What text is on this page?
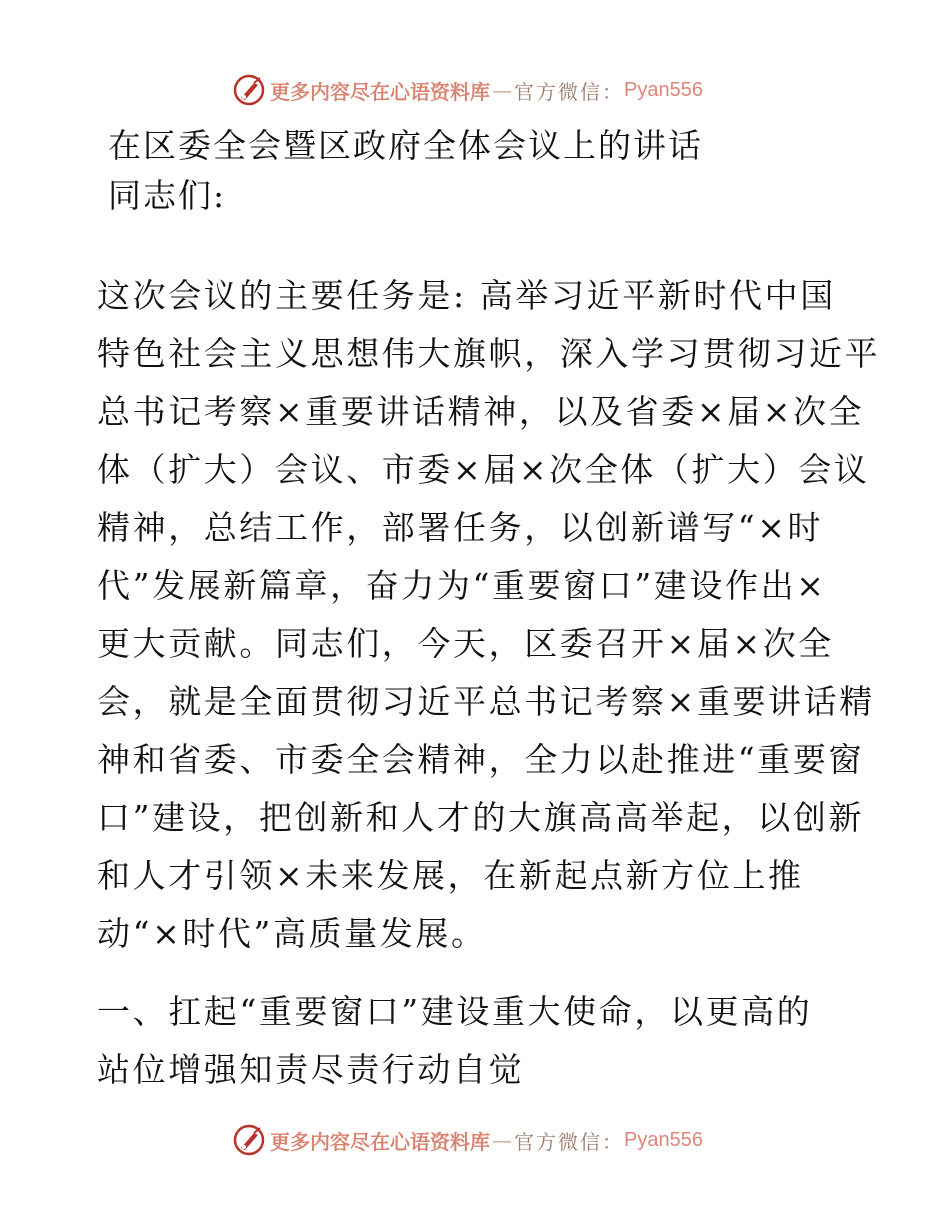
更多内容尽在心语资料库 — 官方微信： Pyan556
在区委全会暨区政府全体会议上的讲话
同志们:
这次会议的主要任务是: 高举习近平新时代中国
特色社会主义思想伟大旗帜，深入学习贯彻习近平
总书记考察×重要讲话精神，以及省委×届×次全
体（扩大）会议、市委×届×次全体（扩大）会议
精神，总结工作，部署任务，以创新谱写“×时
代”发展新篇章，奋力为“重要窗口”建设作出×
更大贡献。同志们，今天，区委召开×届×次全
会，就是全面贯彻习近平总书记考察×重要讲话精
神和省委、市委全会精神，全力以赴推进“重要窗
口”建设，把创新和人才的大旗高高举起，以创新
和人才引领×未来发展，在新起点新方位上推
动“×时代”高质量发展。
一、扛起“重要窗口”建设重大使命，以更高的
站位增强知责尽责行动自觉
更多内容尽在心语资料库 — 官方微信： Pyan556
